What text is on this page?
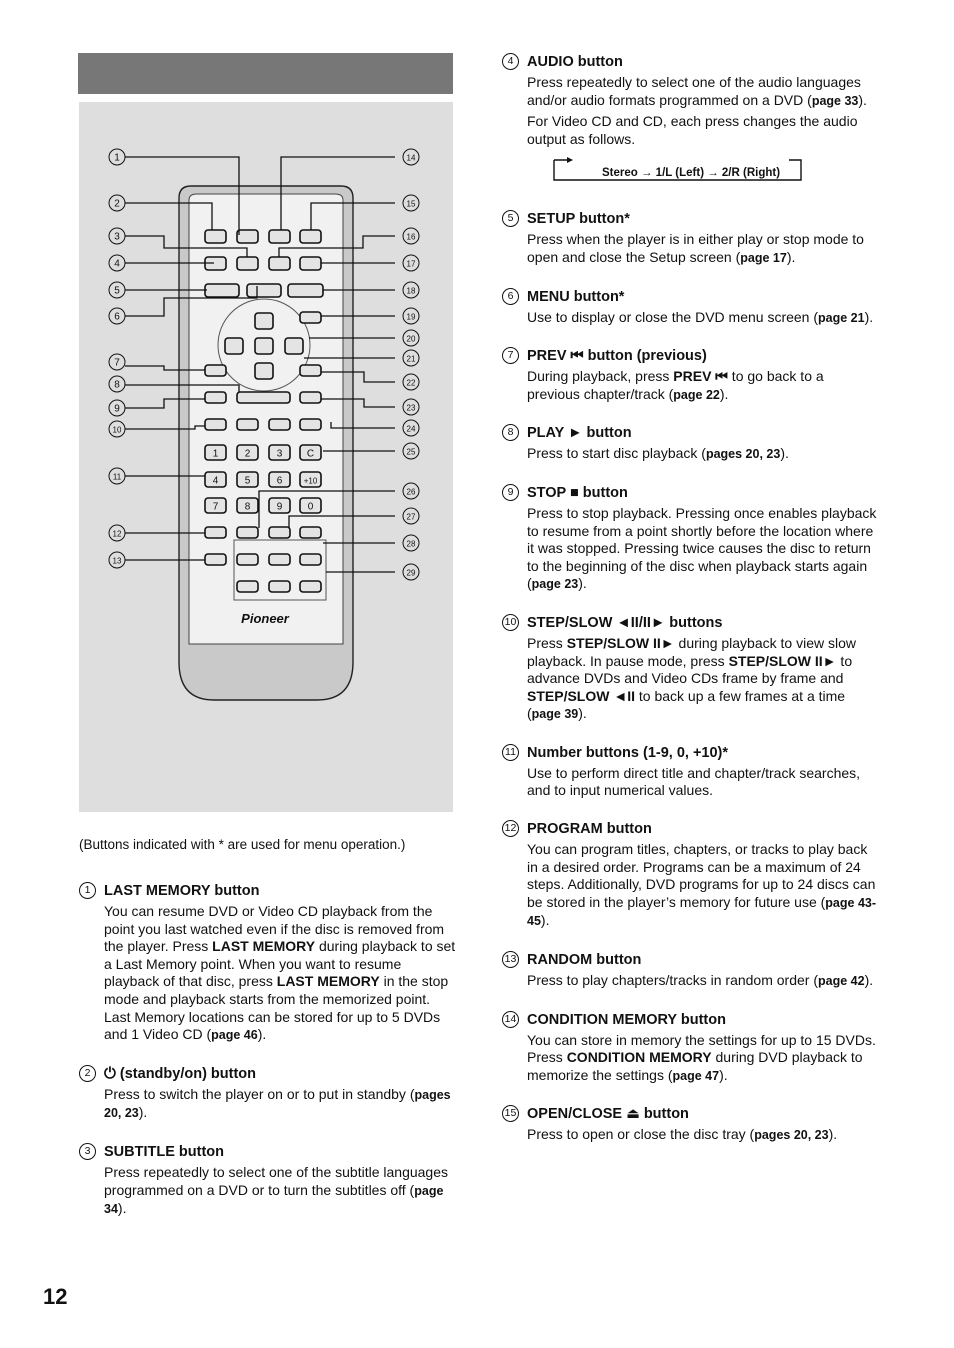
1	2	3 C
4	5	6	+10
7	8	9	0
1
2
3
4
5
6
7
8
9
10
11
12
13
14
15
16
17
18
19
20
21
22
23
24
25
26
27
28
29
Pioneer
(Buttons indicated with * are used for menu operation.)
1 LAST MEMORY button
You can resume DVD or Video CD playback from the point you last watched even if the disc is removed from the player. Press LAST MEMORY during playback to set a Last Memory point. When you want to resume playback of that disc, press LAST MEMORY in the stop mode and playback starts from the memorized point. Last Memory locations can be stored for up to 5 DVDs and 1 Video CD (page 46).
2 ⏻ (standby/on) button
Press to switch the player on or to put in standby (pages 20, 23).
3 SUBTITLE button
Press repeatedly to select one of the subtitle languages programmed on a DVD or to turn the subtitles off (page 34).
4 AUDIO button
Press repeatedly to select one of the audio languages and/or audio formats programmed on a DVD (page 33).
For Video CD and CD, each press changes the audio output as follows.
Stereo → 1/L (Left) → 2/R (Right)
5 SETUP button*
Press when the player is in either play or stop mode to open and close the Setup screen (page 17).
6 MENU button*
Use to display or close the DVD menu screen (page 21).
7 PREV ⏮ button (previous)
During playback, press PREV ⏮ to go back to a previous chapter/track (page 22).
8 PLAY ► button
Press to start disc playback (pages 20, 23).
9 STOP ■ button
Press to stop playback. Pressing once enables playback to resume from a point shortly before the location where it was stopped. Pressing twice causes the disc to return to the beginning of the disc when playback starts again (page 23).
10 STEP/SLOW ◄II/II► buttons
Press STEP/SLOW II► during playback to view slow playback. In pause mode, press STEP/SLOW II► to advance DVDs and Video CDs frame by frame and STEP/SLOW ◄II to back up a few frames at a time (page 39).
11 Number buttons (1-9, 0, +10)*
Use to perform direct title and chapter/track searches, and to input numerical values.
12 PROGRAM button
You can program titles, chapters, or tracks to play back in a desired order. Programs can be a maximum of 24 steps. Additionally, DVD programs for up to 24 discs can be stored in the player’s memory for future use (page 43-45).
13 RANDOM button
Press to play chapters/tracks in random order (page 42).
14 CONDITION MEMORY button
You can store in memory the settings for up to 15 DVDs. Press CONDITION MEMORY during DVD playback to memorize the settings (page 47).
15 OPEN/CLOSE ⏏ button
Press to open or close the disc tray (pages 20, 23).
12
